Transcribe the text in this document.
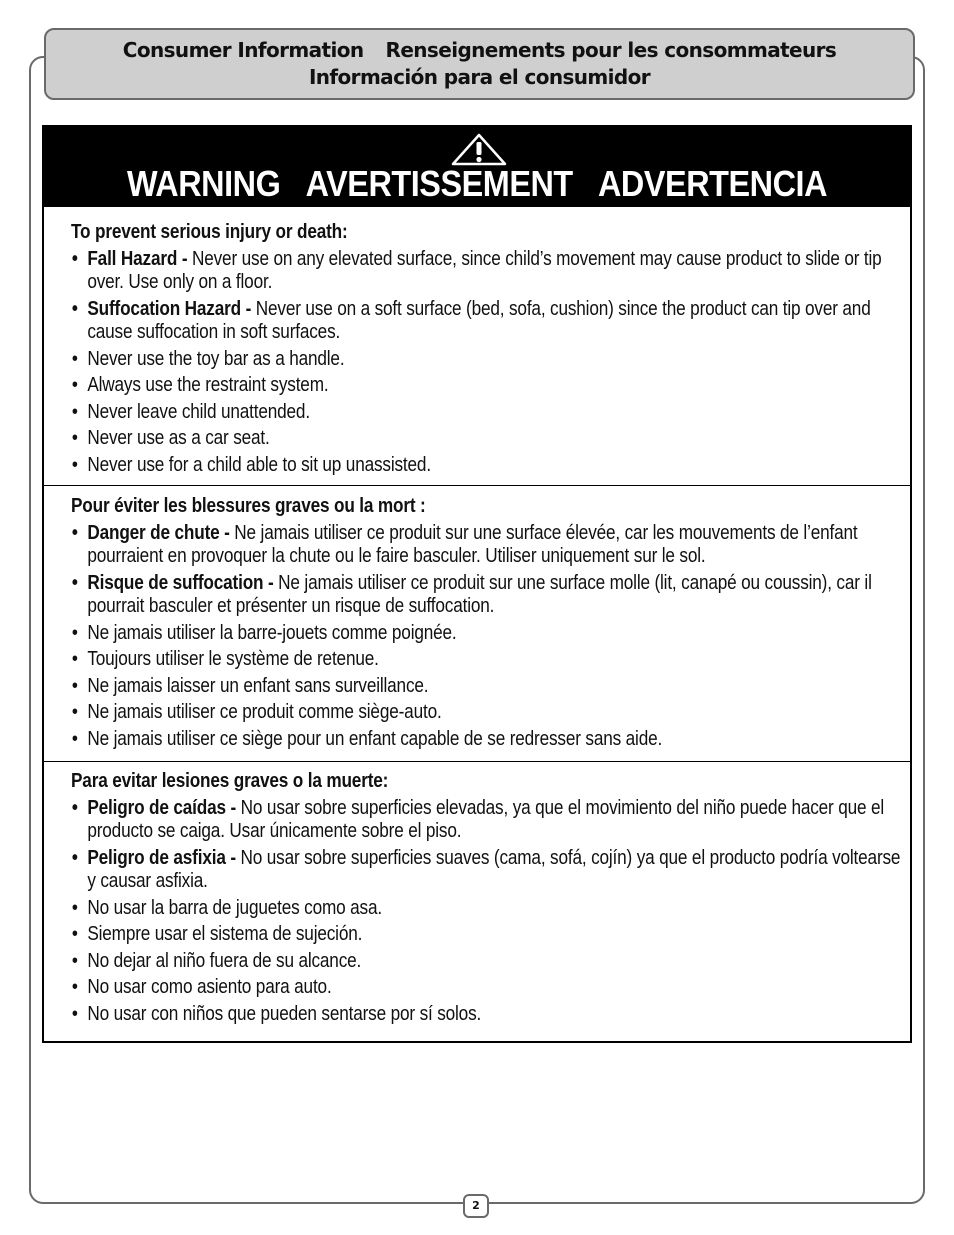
Consumer Information Renseignements pour les consommateurs
Información para el consumidor
WARNING AVERTISSEMENT ADVERTENCIA
To prevent serious injury or death:
• Fall Hazard - Never use on any elevated surface, since child’s movement may cause product to slide or tip over. Use only on a floor.
• Suffocation Hazard - Never use on a soft surface (bed, sofa, cushion) since the product can tip over and cause suffocation in soft surfaces.
• Never use the toy bar as a handle.
• Always use the restraint system.
• Never leave child unattended.
• Never use as a car seat.
• Never use for a child able to sit up unassisted.
Pour éviter les blessures graves ou la mort :
• Danger de chute - Ne jamais utiliser ce produit sur une surface élevée, car les mouvements de l’enfant pourraient en provoquer la chute ou le faire basculer. Utiliser uniquement sur le sol.
• Risque de suffocation - Ne jamais utiliser ce produit sur une surface molle (lit, canapé ou coussin), car il pourrait basculer et présenter un risque de suffocation.
• Ne jamais utiliser la barre-jouets comme poignée.
• Toujours utiliser le système de retenue.
• Ne jamais laisser un enfant sans surveillance.
• Ne jamais utiliser ce produit comme siège-auto.
• Ne jamais utiliser ce siège pour un enfant capable de se redresser sans aide.
Para evitar lesiones graves o la muerte:
• Peligro de caídas - No usar sobre superficies elevadas, ya que el movimiento del niño puede hacer que el producto se caiga. Usar únicamente sobre el piso.
• Peligro de asfixia - No usar sobre superficies suaves (cama, sofá, cojín) ya que el producto podría voltearse y causar asfixia.
• No usar la barra de juguetes como asa.
• Siempre usar el sistema de sujeción.
• No dejar al niño fuera de su alcance.
• No usar como asiento para auto.
• No usar con niños que pueden sentarse por sí solos.
2
